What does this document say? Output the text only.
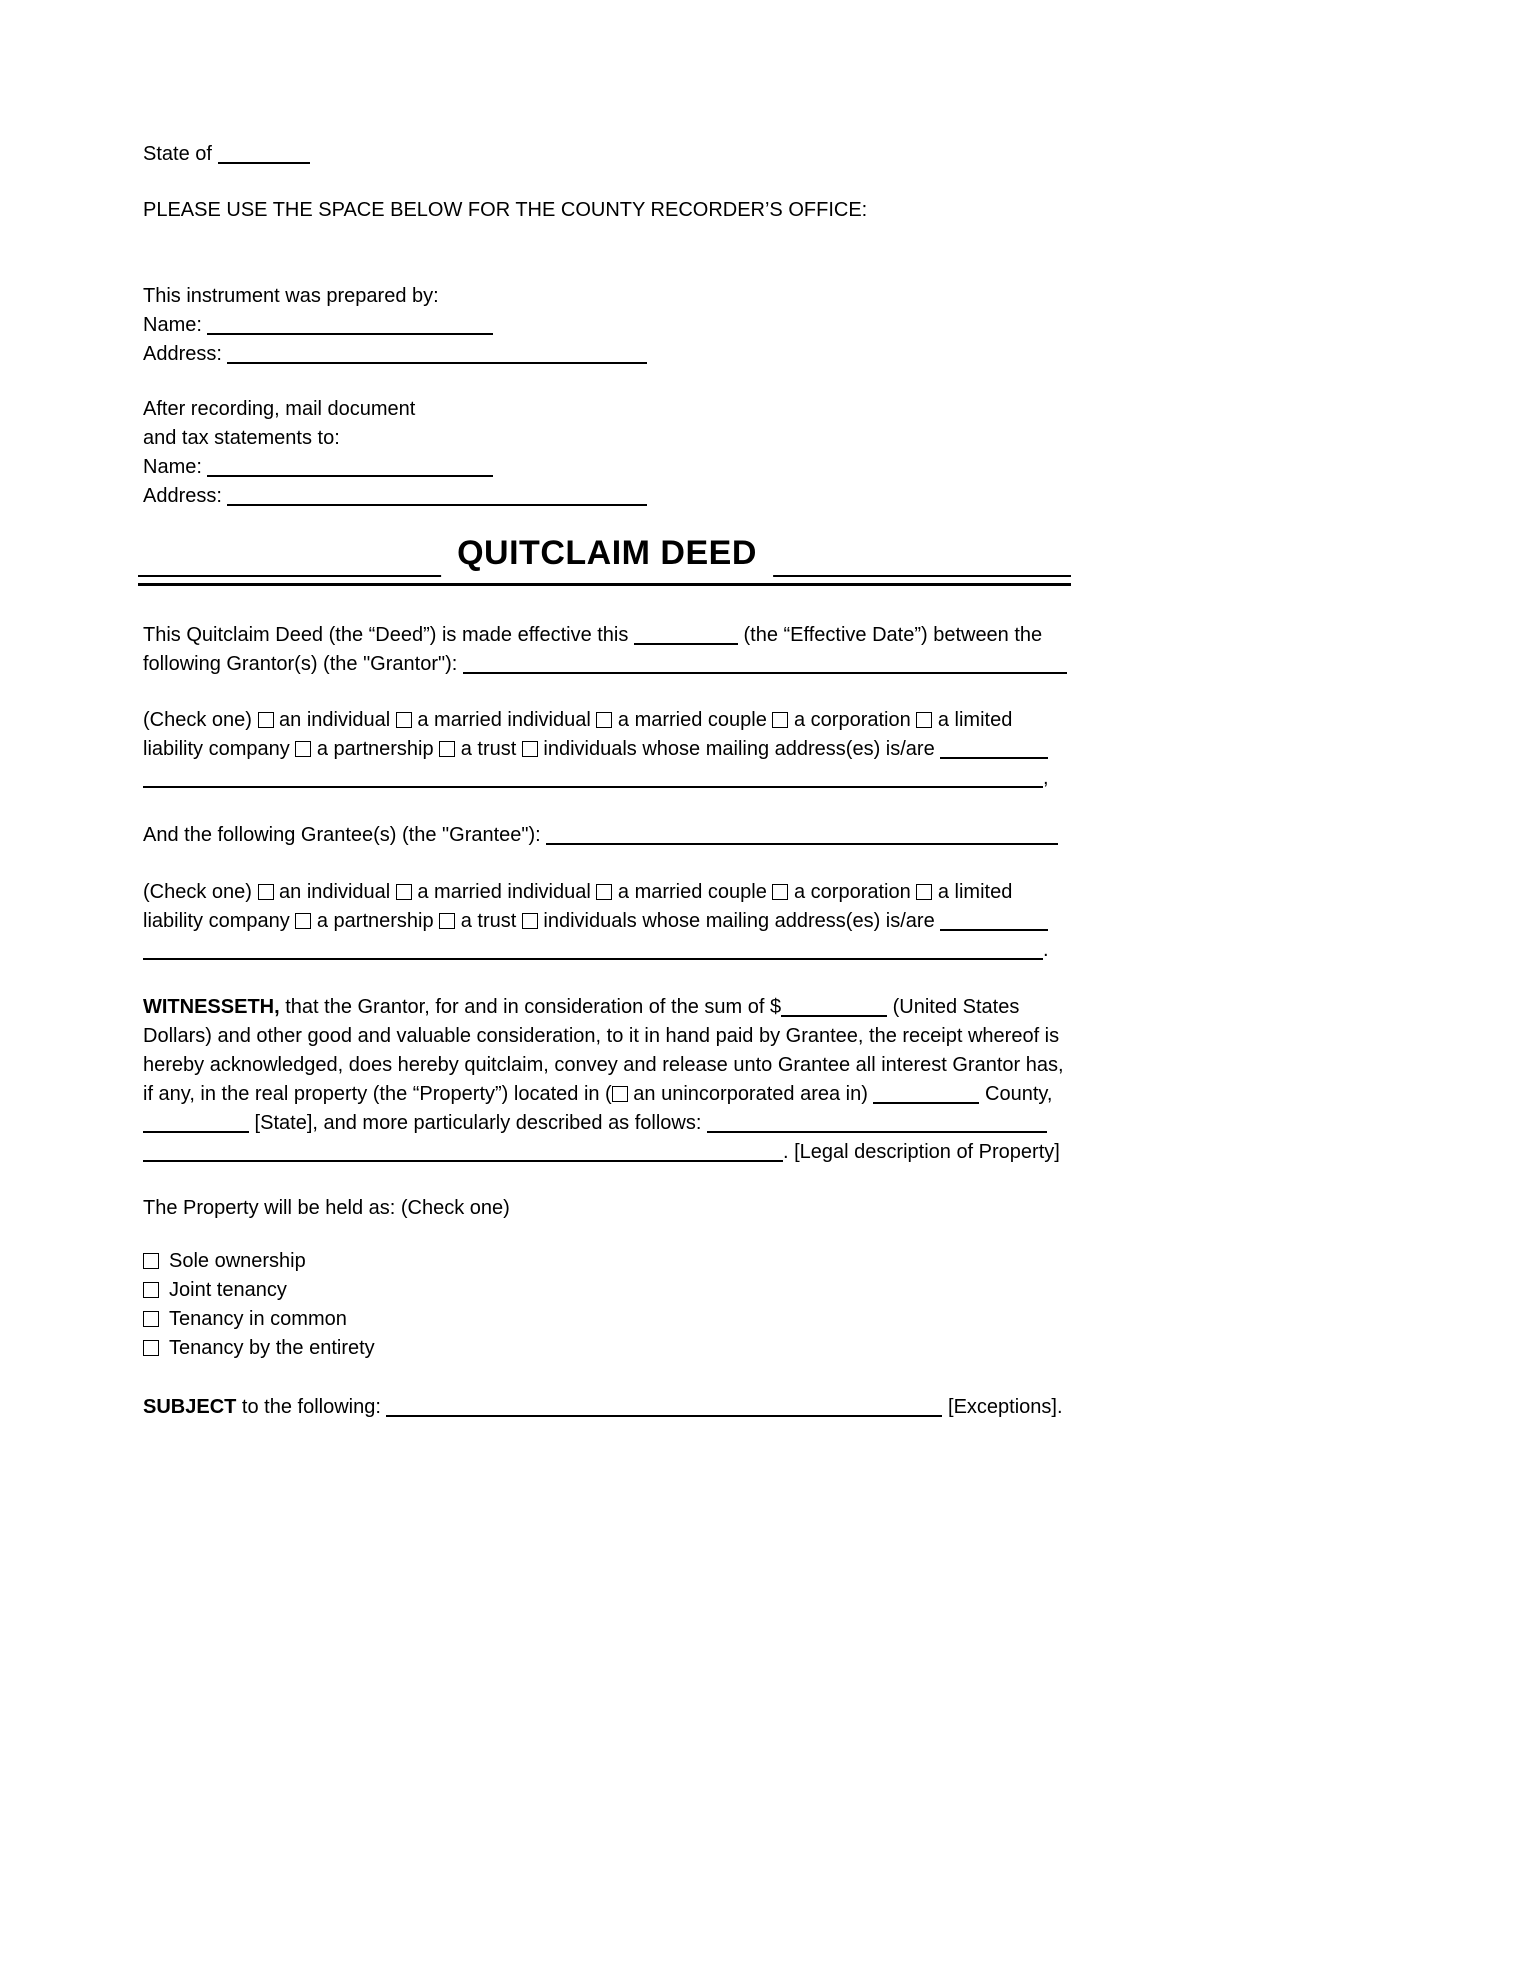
State of

PLEASE USE THE SPACE BELOW FOR THE COUNTY RECORDER’S OFFICE:

This instrument was prepared by:

Name:

Address:

After recording, mail document

and tax statements to:

Name:

Address:

QUITCLAIM DEED

This Quitclaim Deed (the “Deed”) is made effective this	(the “Effective Date”) between the following Grantor(s) (the "Grantor"):

(Check one)  an individual  a married individual  a married couple  a corporation  a limited liability company  a partnership  a trust  individuals whose mailing address(es) is/are ,

And the following Grantee(s) (the "Grantee"):

(Check one)  an individual  a married individual  a married couple  a corporation  a limited liability company  a partnership  a trust  individuals whose mailing address(es) is/are .

WITNESSETH, that the Grantor, for and in consideration of the sum of $	(United States Dollars) and other good and valuable consideration, to it in hand paid by Grantee, the receipt whereof is hereby acknowledged, does hereby quitclaim, convey and release unto Grantee all interest Grantor has, if any, in the real property (the “Property”) located in ( an unincorporated area in)	County,  [State], and more particularly described as follows: . [Legal description of Property]

The Property will be held as: (Check one)

Sole ownership
Joint tenancy
Tenancy in common
Tenancy by the entirety

SUBJECT to the following:	[Exceptions].
